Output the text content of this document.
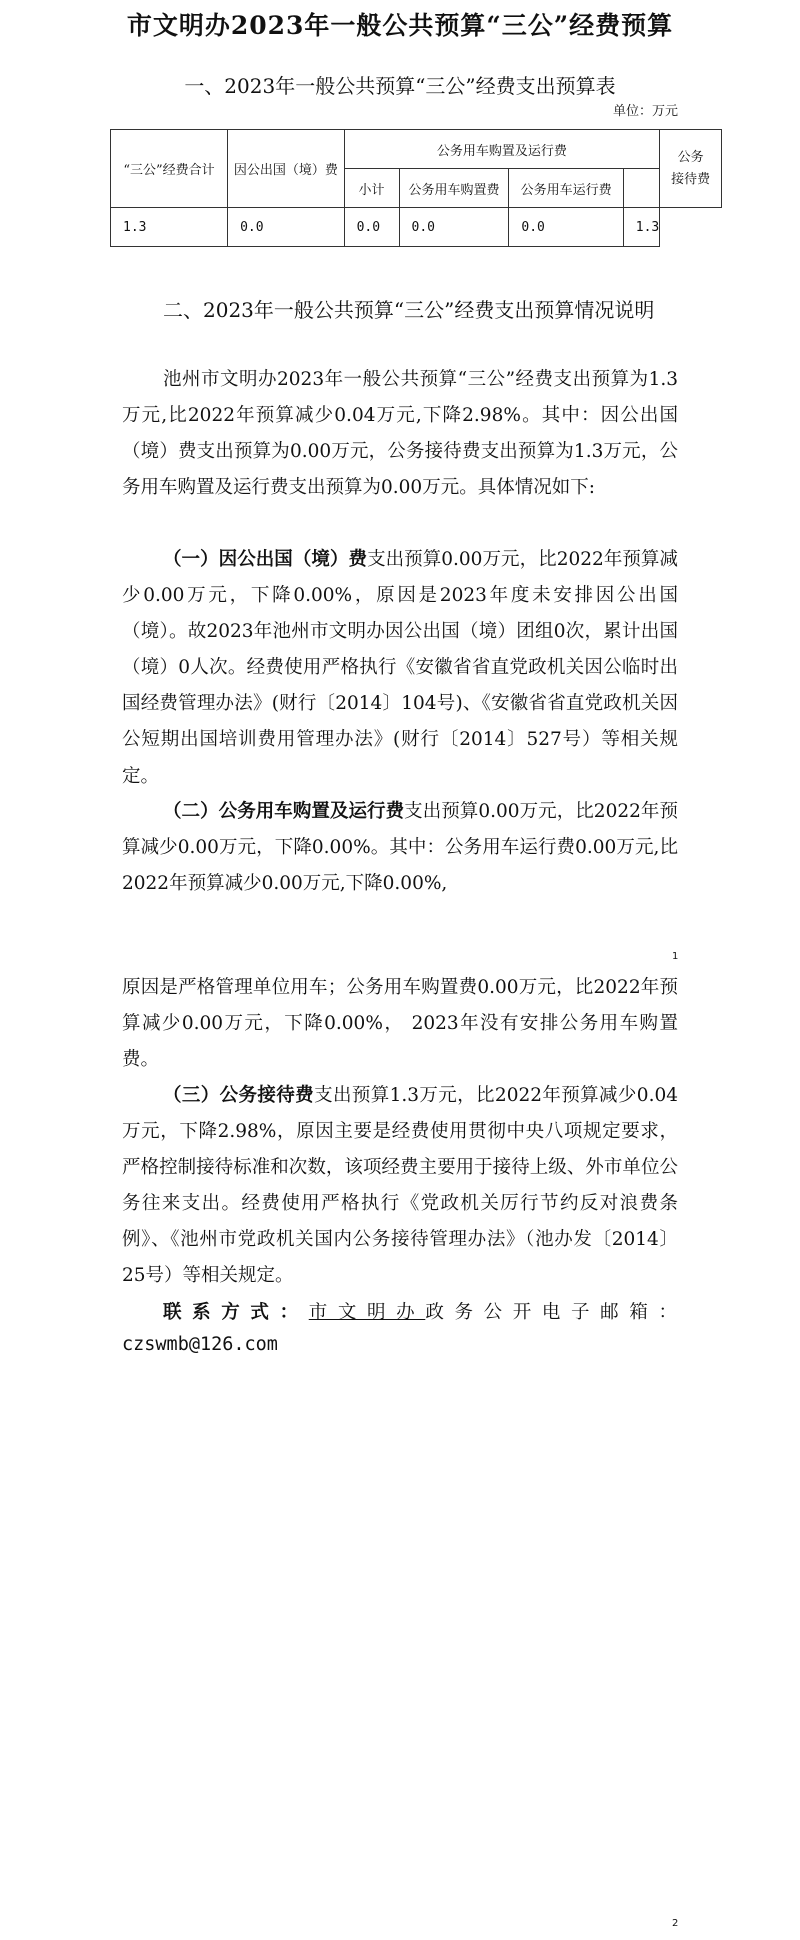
市文明办2023年一般公共预算“三公”经费预算
一、2023年一般公共预算“三公”经费支出预算表
单位：万元
“三公”经费合计	因公出国（境）费	公务用车购置及运行费				公务
接待费
		小计	公务用车购置费	公务用车运行费		
1.3	0.0	0.0	0.0	0.0	1.3	
二、2023年一般公共预算“三公”经费支出预算情况说明

池州市文明办2023年一般公共预算“三公”经费支出预算为1.3万元,比2022年预算减少0.04万元,下降2.98%。其中：因公出国（境）费支出预算为0.00万元，公务接待费支出预算为1.3万元，公务用车购置及运行费支出预算为0.00万元。具体情况如下:

（一）因公出国（境）费支出预算0.00万元，比2022年预算减少0.00万元，下降0.00%，原因是2023年度未安排因公出国（境）。故2023年池州市文明办因公出国（境）团组0次，累计出国（境）0人次。经费使用严格执行《安徽省省直党政机关因公临时出国经费管理办法》(财行〔2014〕104号)、《安徽省省直党政机关因公短期出国培训费用管理办法》(财行〔2014〕527号）等相关规定。

（二）公务用车购置及运行费支出预算0.00万元，比2022年预算减少0.00万元，下降0.00%。其中：公务用车运行费0.00万元,比2022年预算减少0.00万元,下降0.00%,

1

原因是严格管理单位用车；公务用车购置费0.00万元，比2022年预算减少0.00万元，下降0.00%， 2023年没有安排公务用车购置费。

（三）公务接待费支出预算1.3万元，比2022年预算减少0.04万元，下降2.98%，原因主要是经费使用贯彻中央八项规定要求，严格控制接待标准和次数，该项经费主要用于接待上级、外市单位公务往来支出。经费使用严格执行《党政机关厉行节约反对浪费条例》、《池州市党政机关国内公务接待管理办法》（池办发〔2014〕25号）等相关规定。

联系方式：市文明办政务公开电子邮箱：

czswmb@126.com
2
